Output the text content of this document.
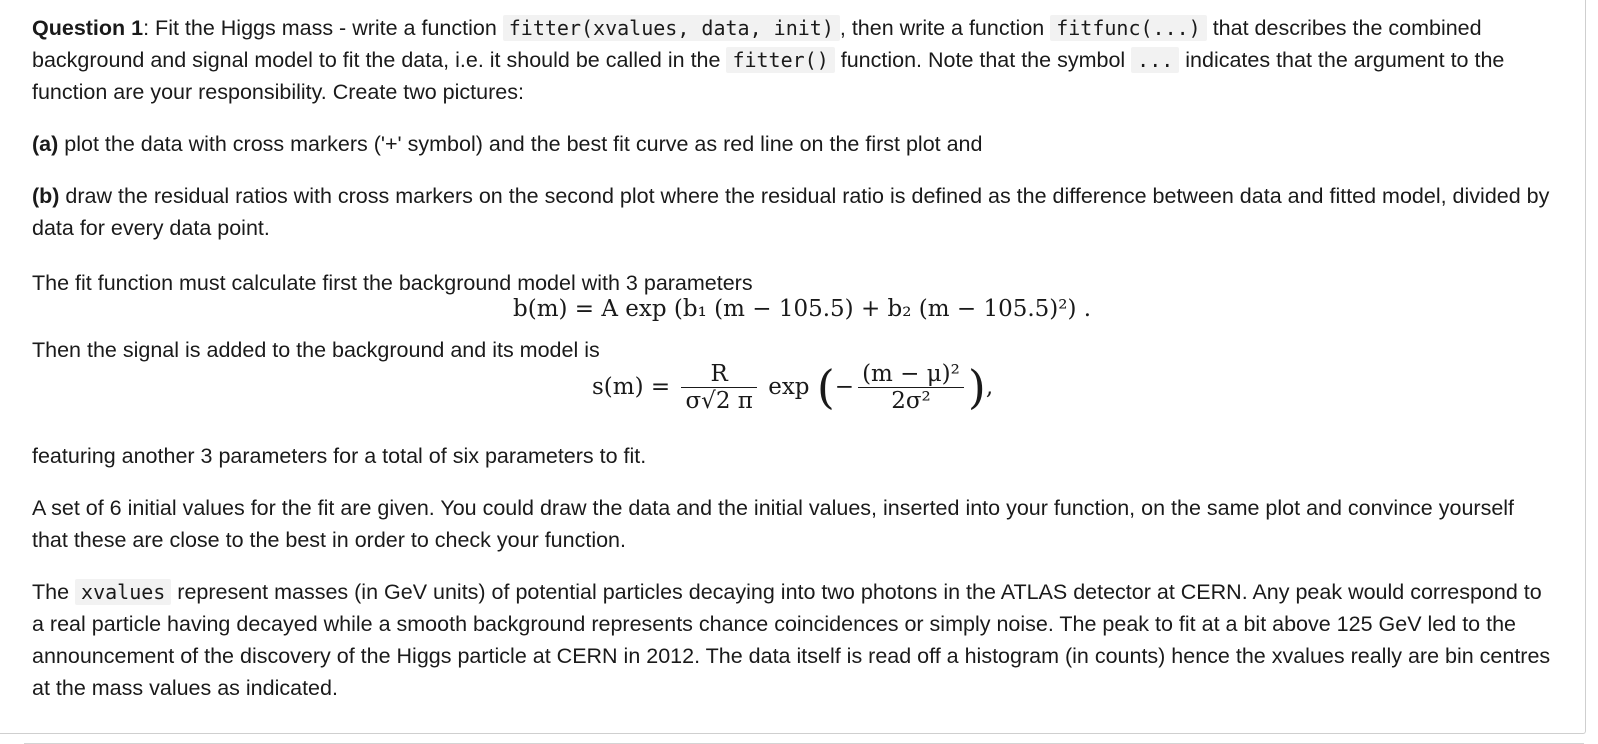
Question 1: Fit the Higgs mass - write a function fitter(xvalues, data, init) , then write a function fitfunc(...) that describes the combined background and signal model to fit the data, i.e. it should be called in the fitter() function. Note that the symbol ... indicates that the argument to the function are your responsibility. Create two pictures:

(a) plot the data with cross markers ('+' symbol) and the best fit curve as red line on the first plot and

(b) draw the residual ratios with cross markers on the second plot where the residual ratio is defined as the difference between data and fitted model, divided by data for every data point.

The fit function must calculate first the background model with 3 parameters
b(m) = A exp (b₁ (m − 105.5) + b₂ (m − 105.5)²) .
Then the signal is added to the background and its model is
$s(m) = \frac{R}{\sigma√2 \pi}$ exp (− $\frac{\text{(m − μ)²}}{\text{2σ²}}$ ),
featuring another 3 parameters for a total of six parameters to fit.

A set of 6 initial values for the fit are given. You could draw the data and the initial values, inserted into your function, on the same plot and convince yourself that these are close to the best in order to check your function.

The xvalues represent masses (in GeV units) of potential particles decaying into two photons in the ATLAS detector at CERN. Any peak would correspond to a real particle having decayed while a smooth background represents chance coincidences or simply noise. The peak to fit at a bit above 125 GeV led to the announcement of the discovery of the Higgs particle at CERN in 2012. The data itself is read off a histogram (in counts) hence the xvalues really are bin centres at the mass values as indicated.
